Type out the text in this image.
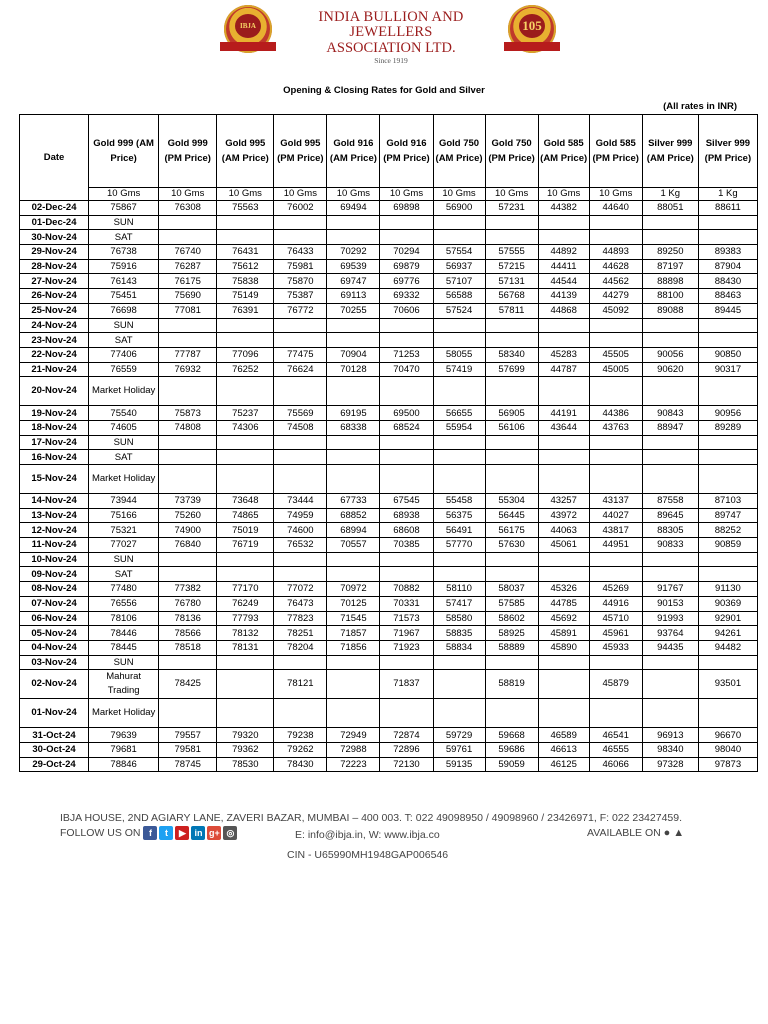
IBJA
INDIA BULLION AND JEWELLERS
ASSOCIATION LTD.
Since 1919
105
Opening & Closing Rates for Gold and Silver
(All rates in INR)
Date	Gold 999 (AM Price)	Gold 999 (PM Price)	Gold 995 (AM Price)	Gold 995 (PM Price)	Gold 916 (AM Price)	Gold 916 (PM Price)	Gold 750 (AM Price)	Gold 750 (PM Price)	Gold 585 (AM Price)	Gold 585 (PM Price)	Silver 999 (AM Price)	Silver 999 (PM Price)
	10 Gms	10 Gms	10 Gms	10 Gms	10 Gms	10 Gms	10 Gms	10 Gms	10 Gms	10 Gms	1 Kg	1 Kg
02-Dec-24	75867	76308	75563	76002	69494	69898	56900	57231	44382	44640	88051	88611
01-Dec-24	SUN											
30-Nov-24	SAT											
29-Nov-24	76738	76740	76431	76433	70292	70294	57554	57555	44892	44893	89250	89383
28-Nov-24	75916	76287	75612	75981	69539	69879	56937	57215	44411	44628	87197	87904
27-Nov-24	76143	76175	75838	75870	69747	69776	57107	57131	44544	44562	88898	88430
26-Nov-24	75451	75690	75149	75387	69113	69332	56588	56768	44139	44279	88100	88463
25-Nov-24	76698	77081	76391	76772	70255	70606	57524	57811	44868	45092	89088	89445
24-Nov-24	SUN											
23-Nov-24	SAT											
22-Nov-24	77406	77787	77096	77475	70904	71253	58055	58340	45283	45505	90056	90850
21-Nov-24	76559	76932	76252	76624	70128	70470	57419	57699	44787	45005	90620	90317
20-Nov-24	Market Holiday											
19-Nov-24	75540	75873	75237	75569	69195	69500	56655	56905	44191	44386	90843	90956
18-Nov-24	74605	74808	74306	74508	68338	68524	55954	56106	43644	43763	88947	89289
17-Nov-24	SUN											
16-Nov-24	SAT											
15-Nov-24	Market Holiday											
14-Nov-24	73944	73739	73648	73444	67733	67545	55458	55304	43257	43137	87558	87103
13-Nov-24	75166	75260	74865	74959	68852	68938	56375	56445	43972	44027	89645	89747
12-Nov-24	75321	74900	75019	74600	68994	68608	56491	56175	44063	43817	88305	88252
11-Nov-24	77027	76840	76719	76532	70557	70385	57770	57630	45061	44951	90833	90859
10-Nov-24	SUN											
09-Nov-24	SAT											
08-Nov-24	77480	77382	77170	77072	70972	70882	58110	58037	45326	45269	91767	91130
07-Nov-24	76556	76780	76249	76473	70125	70331	57417	57585	44785	44916	90153	90369
06-Nov-24	78106	78136	77793	77823	71545	71573	58580	58602	45692	45710	91993	92901
05-Nov-24	78446	78566	78132	78251	71857	71967	58835	58925	45891	45961	93764	94261
04-Nov-24	78445	78518	78131	78204	71856	71923	58834	58889	45890	45933	94435	94482
03-Nov-24	SUN											
02-Nov-24	Mahurat Trading	78425		78121		71837		58819		45879		93501
01-Nov-24	Market Holiday											
31-Oct-24	79639	79557	79320	79238	72949	72874	59729	59668	46589	46541	96913	96670
30-Oct-24	79681	79581	79362	79262	72988	72896	59761	59686	46613	46555	98340	98040
29-Oct-24	78846	78745	78530	78430	72223	72130	59135	59059	46125	46066	97328	97873
IBJA HOUSE, 2ND AGIARY LANE, ZAVERI BAZAR, MUMBAI – 400 003. T: 022 49098950 / 49098960 / 23426971, F: 022 23427459.
FOLLOW US ON f t ▶ in g+ ◎	E: info@ibja.in, W: www.ibja.co	AVAILABLE ON ● ▲
CIN - U65990MH1948GAP006546
